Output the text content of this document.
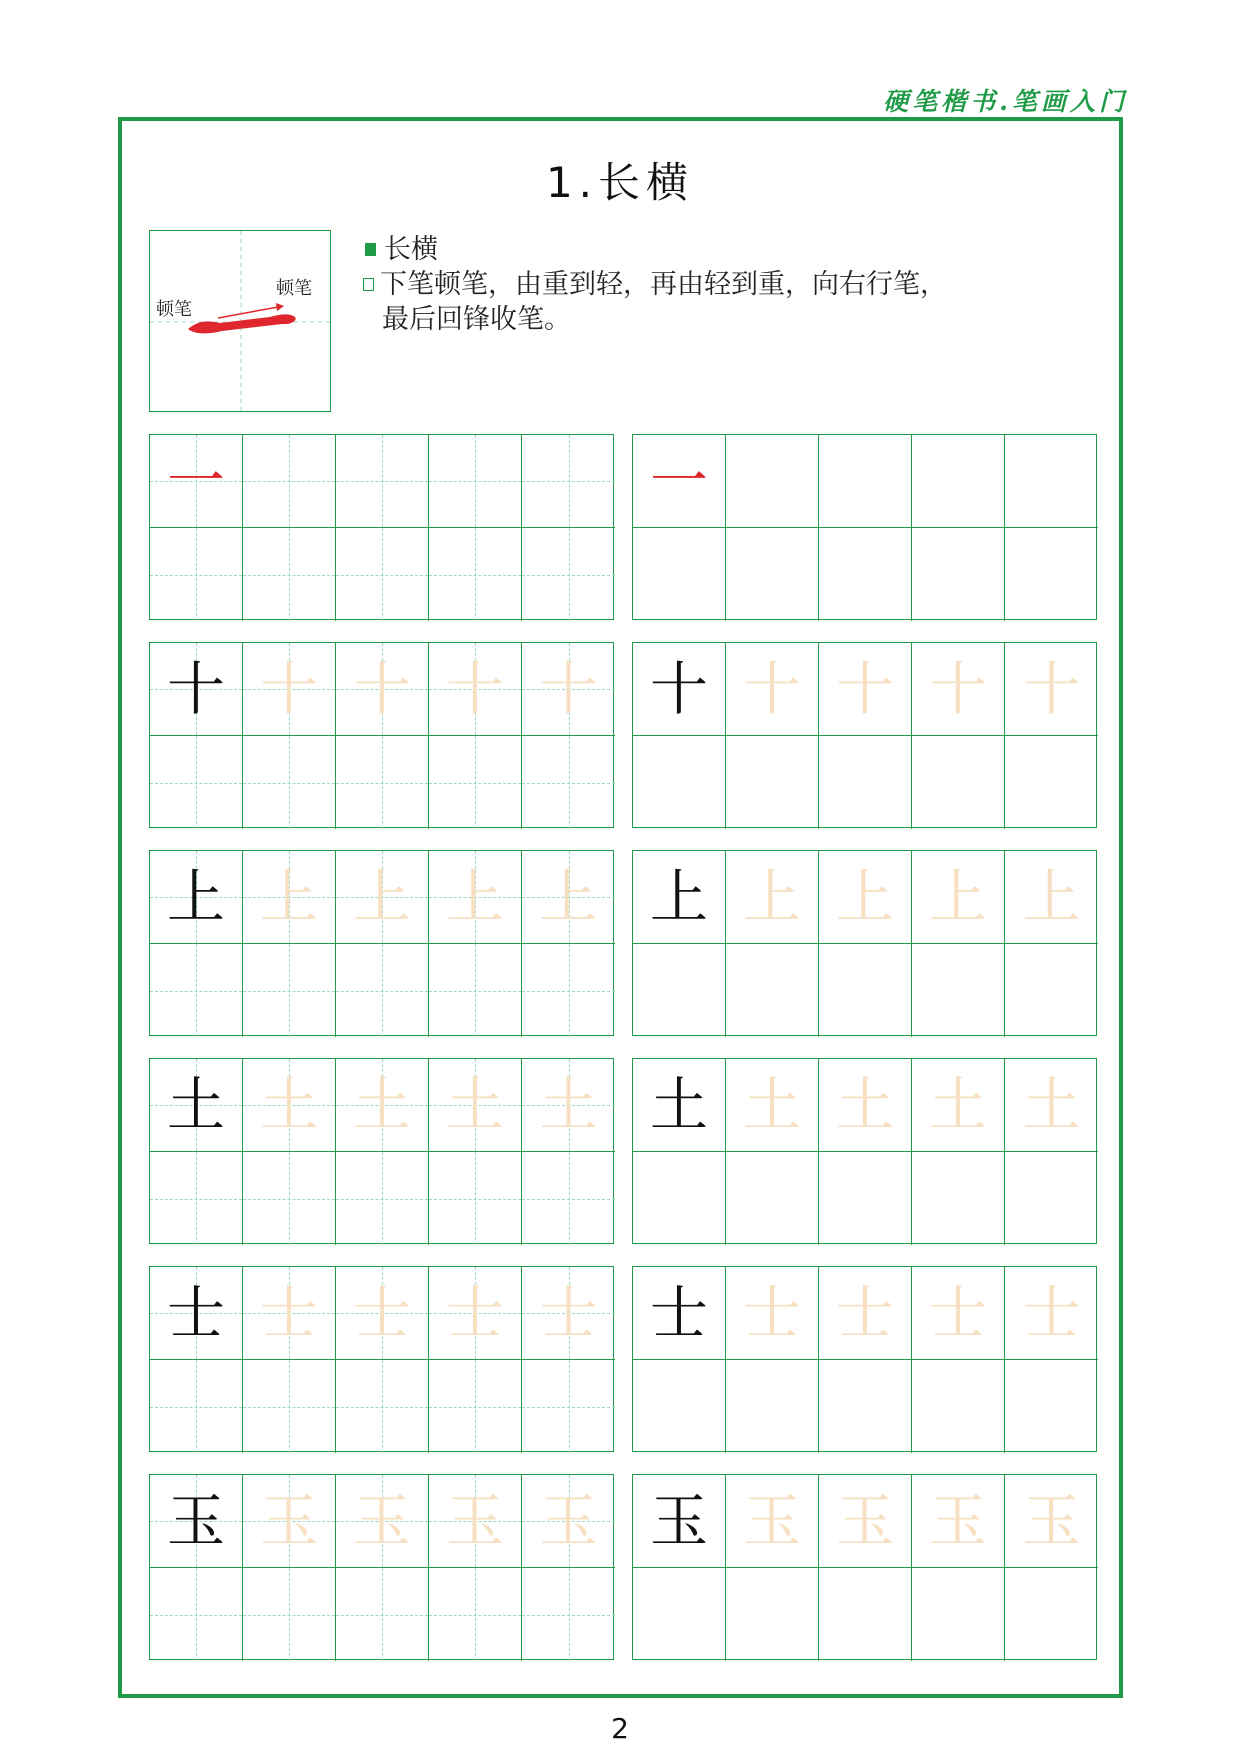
硬笔楷书.笔画入门
1.长横
顿笔
顿笔
长横
下笔顿笔，由重到轻，再由轻到重，向右行笔，
最后回锋收笔。
一	一
十 十 十 十 十 十 十 十 十 十
上 上 上 上 上 上 上 上 上 上
土 土 土 土 土 土 土 土 土 土
士 士 士 士 士 士 士 士 士 士
玉 玉 玉 玉 玉 玉 玉 玉 玉 玉
2
